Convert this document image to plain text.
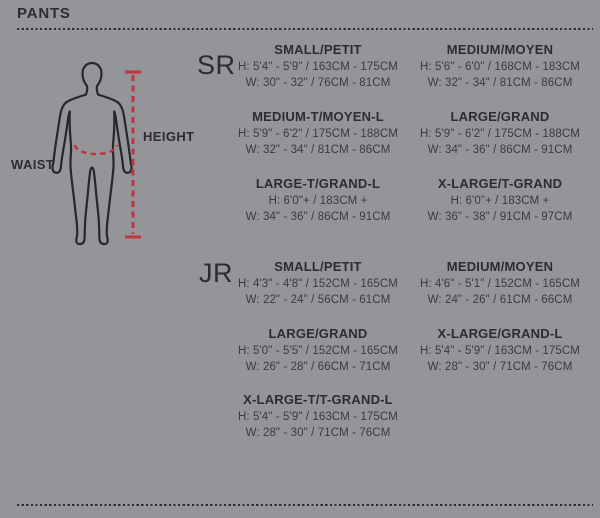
PANTS
WAIST
HEIGHT
SR
SMALL/PETIT
H: 5'4" - 5'9" / 163CM - 175CM
W: 30" - 32" / 76CM - 81CM
MEDIUM/MOYEN
H: 5'6" - 6'0" / 168CM - 183CM
W: 32" - 34" / 81CM - 86CM
MEDIUM-T/MOYEN-L
H: 5'9" - 6'2" / 175CM - 188CM
W: 32" - 34" / 81CM - 86CM
LARGE/GRAND
H: 5'9" - 6'2" / 175CM - 188CM
W: 34" - 36" / 86CM - 91CM
LARGE-T/GRAND-L
H: 6'0"+ / 183CM +
W: 34" - 36" / 86CM - 91CM
X-LARGE/T-GRAND
H: 6'0"+ / 183CM +
W: 36" - 38" / 91CM - 97CM
JR	SMALL/PETIT
H: 4'3" - 4'8" / 152CM - 165CM
W: 22" - 24" / 56CM - 61CM
MEDIUM/MOYEN
H: 4'6" - 5'1" / 152CM - 165CM
W: 24" - 26" / 61CM - 66CM
LARGE/GRAND
H: 5'0" - 5'5" / 152CM - 165CM
W: 26" - 28" / 66CM - 71CM
X-LARGE/GRAND-L
H: 5'4" - 5'9" / 163CM - 175CM
W: 28" - 30" / 71CM - 76CM
X-LARGE-T/T-GRAND-L
H: 5'4" - 5'9" / 163CM - 175CM
W: 28" - 30" / 71CM - 76CM
